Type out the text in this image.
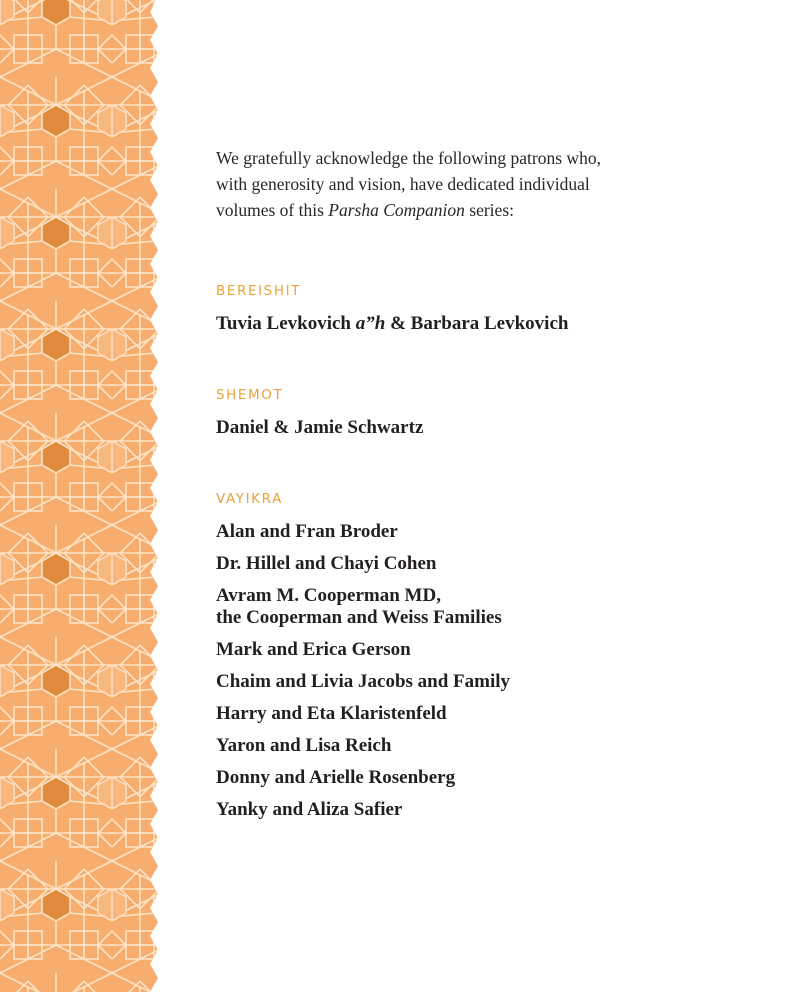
We gratefully acknowledge the following patrons who,
with generosity and vision, have dedicated individual
volumes of this Parsha Companion series:

BEREISHIT

Tuvia Levkovich a”h & Barbara Levkovich

SHEMOT

Daniel & Jamie Schwartz

VAYIKRA

Alan and Fran Broder

Dr. Hillel and Chayi Cohen

Avram M. Cooperman MD,
the Cooperman and Weiss Families

Mark and Erica Gerson

Chaim and Livia Jacobs and Family

Harry and Eta Klaristenfeld

Yaron and Lisa Reich

Donny and Arielle Rosenberg

Yanky and Aliza Safier
